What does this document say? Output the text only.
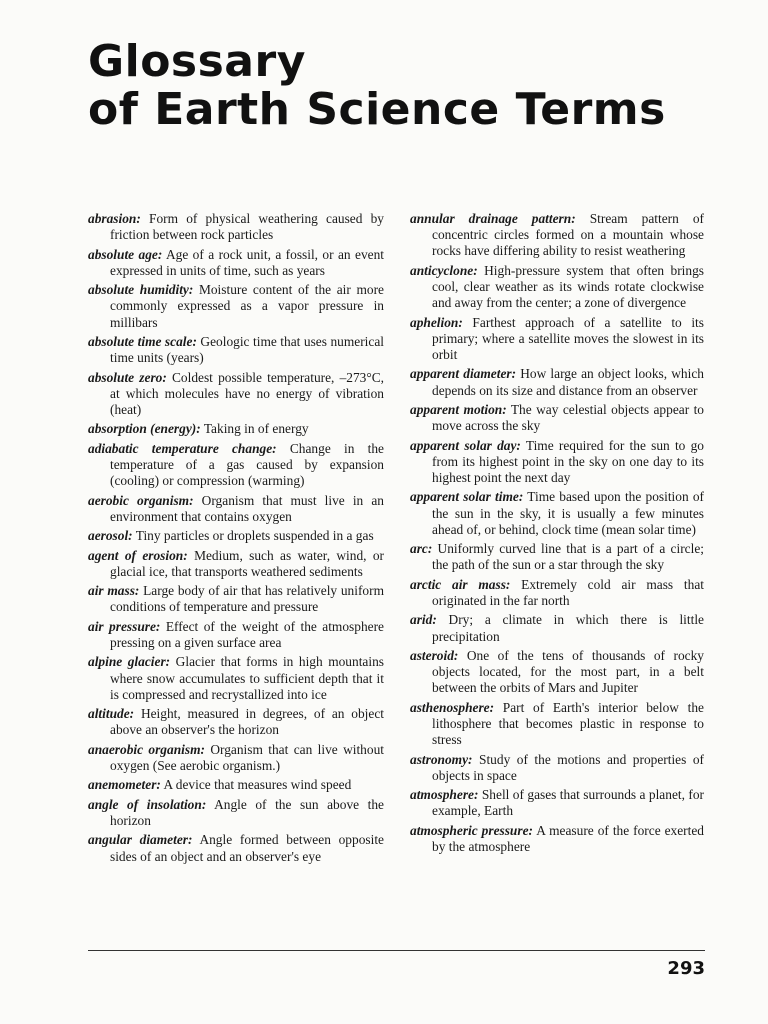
Glossary
of Earth Science Terms

abrasion: Form of physical weathering caused by friction between rock particles

absolute age: Age of a rock unit, a fossil, or an event expressed in units of time, such as years

absolute humidity: Moisture content of the air more commonly expressed as a vapor pressure in millibars

absolute time scale: Geologic time that uses numerical time units (years)

absolute zero: Coldest possible temperature, –273°C, at which molecules have no energy of vibration (heat)

absorption (energy): Taking in of energy

adiabatic temperature change: Change in the temperature of a gas caused by expansion (cooling) or compression (warming)

aerobic organism: Organism that must live in an environment that contains oxygen

aerosol: Tiny particles or droplets suspended in a gas

agent of erosion: Medium, such as water, wind, or glacial ice, that transports weathered sediments

air mass: Large body of air that has relatively uniform conditions of temperature and pressure

air pressure: Effect of the weight of the atmosphere pressing on a given surface area

alpine glacier: Glacier that forms in high mountains where snow accumulates to sufficient depth that it is compressed and recrystallized into ice

altitude: Height, measured in degrees, of an object above an observer's the horizon

anaerobic organism: Organism that can live without oxygen (See aerobic organism.)

anemometer: A device that measures wind speed

angle of insolation: Angle of the sun above the horizon

angular diameter: Angle formed between opposite sides of an object and an observer's eye

annular drainage pattern: Stream pattern of concentric circles formed on a mountain whose rocks have differing ability to resist weathering

anticyclone: High-pressure system that often brings cool, clear weather as its winds rotate clockwise and away from the center; a zone of divergence

aphelion: Farthest approach of a satellite to its primary; where a satellite moves the slowest in its orbit

apparent diameter: How large an object looks, which depends on its size and distance from an observer

apparent motion: The way celestial objects appear to move across the sky

apparent solar day: Time required for the sun to go from its highest point in the sky on one day to its highest point the next day

apparent solar time: Time based upon the position of the sun in the sky, it is usually a few minutes ahead of, or behind, clock time (mean solar time)

arc: Uniformly curved line that is a part of a circle; the path of the sun or a star through the sky

arctic air mass: Extremely cold air mass that originated in the far north

arid: Dry; a climate in which there is little precipitation

asteroid: One of the tens of thousands of rocky objects located, for the most part, in a belt between the orbits of Mars and Jupiter

asthenosphere: Part of Earth's interior below the lithosphere that becomes plastic in response to stress

astronomy: Study of the motions and properties of objects in space

atmosphere: Shell of gases that surrounds a planet, for example, Earth

atmospheric pressure: A measure of the force exerted by the atmosphere

293
